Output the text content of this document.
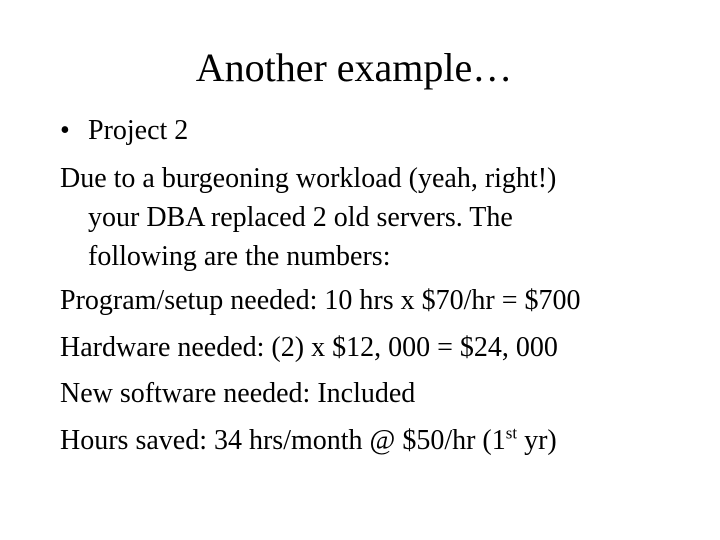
Another example…
• Project 2
Due to a burgeoning workload (yeah, right!)
your DBA replaced 2 old servers. The
following are the numbers:
Program/setup needed: 10 hrs x $70/hr = $700
Hardware needed: (2) x $12, 000 = $24, 000
New software needed: Included
Hours saved: 34 hrs/month @ $50/hr (1st yr)
